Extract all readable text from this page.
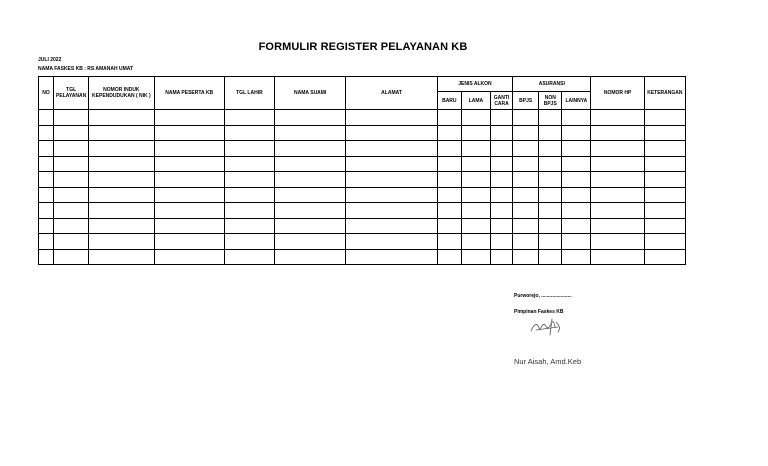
FORMULIR REGISTER PELAYANAN KB
JULI 2022
NAMA FASKES KB : RS AMANAH UMAT
NO	TGL PELAYANAN	NOMOR INDUK KEPENDUDUKAN ( NIK )	NAMA PESERTA KB	TGL LAHIR	NAMA SUAMI	ALAMAT	JENIS ALKON			ASURANSI			NOMOR HP	KETERANGAN
							BARU	LAMA	GANTI CARA	BPJS	NON BPJS	LAINNYA		

Purworejo, ......................
Pimpinan Faskes KB
Nur Aisah, Amd.Keb
